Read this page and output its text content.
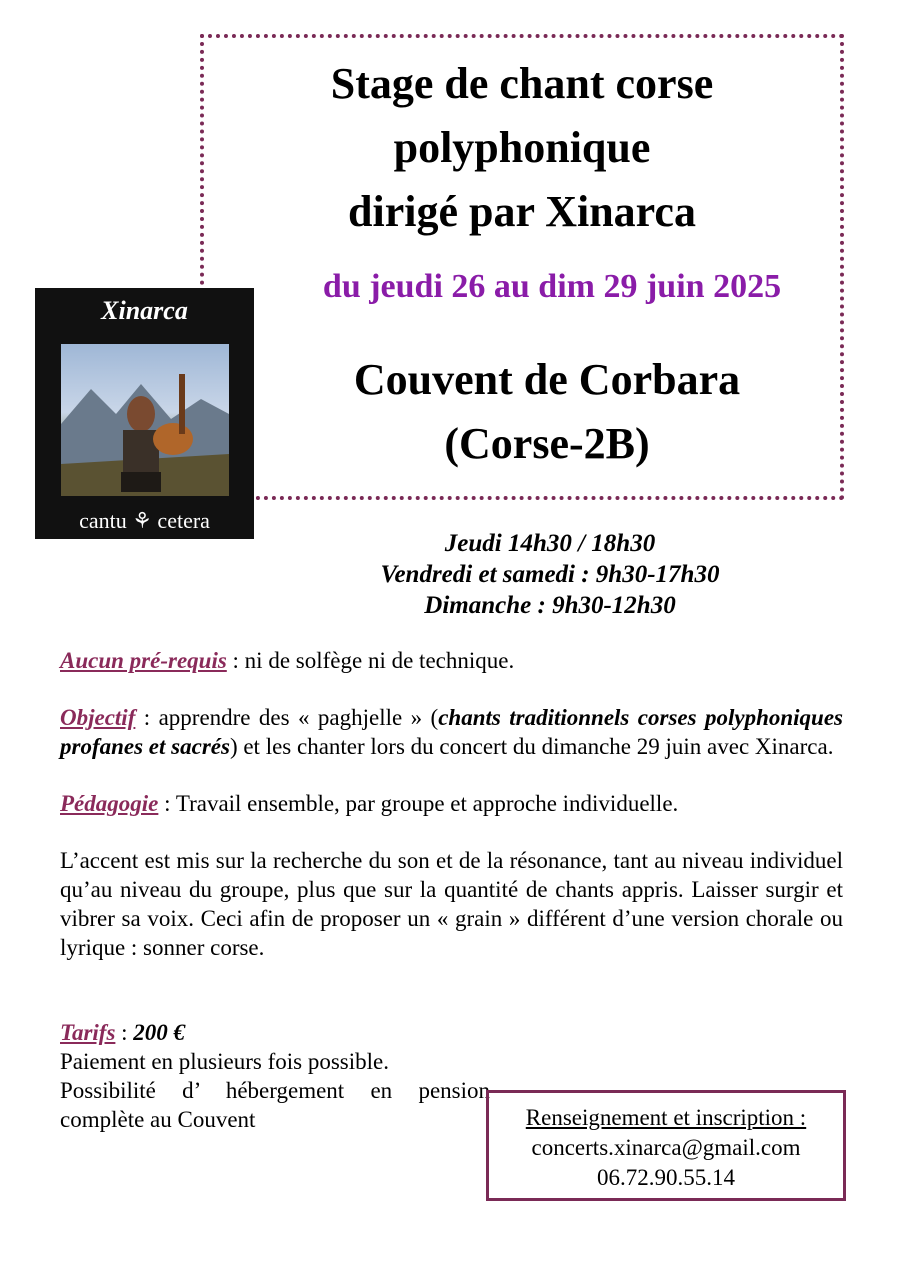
Stage de chant corse
polyphonique
dirigé par Xinarca
du jeudi 26 au dim 29 juin 2025
Couvent de Corbara
(Corse-2B)
Xinarca
cantu ⚘ cetera
Jeudi 14h30 / 18h30
Vendredi et samedi : 9h30-17h30
Dimanche : 9h30-12h30

Aucun pré-requis : ni de solfège ni de technique.

Objectif : apprendre des « paghjelle » (chants traditionnels corses polyphoniques profanes et sacrés) et les chanter lors du concert du dimanche 29 juin avec Xinarca.

Pédagogie : Travail ensemble, par groupe et approche individuelle.

L’accent est mis sur la recherche du son et de la résonance, tant au niveau individuel qu’au niveau du groupe, plus que sur la quantité de chants appris. Laisser surgir et vibrer sa voix. Ceci afin de proposer un « grain » différent d’une version chorale ou lyrique : sonner corse.

Tarifs : 200 €
Paiement en plusieurs fois possible.
Possibilité d’ hébergement en pension complète au Couvent	Renseignement et inscription :
concerts.xinarca@gmail.com
06.72.90.55.14
